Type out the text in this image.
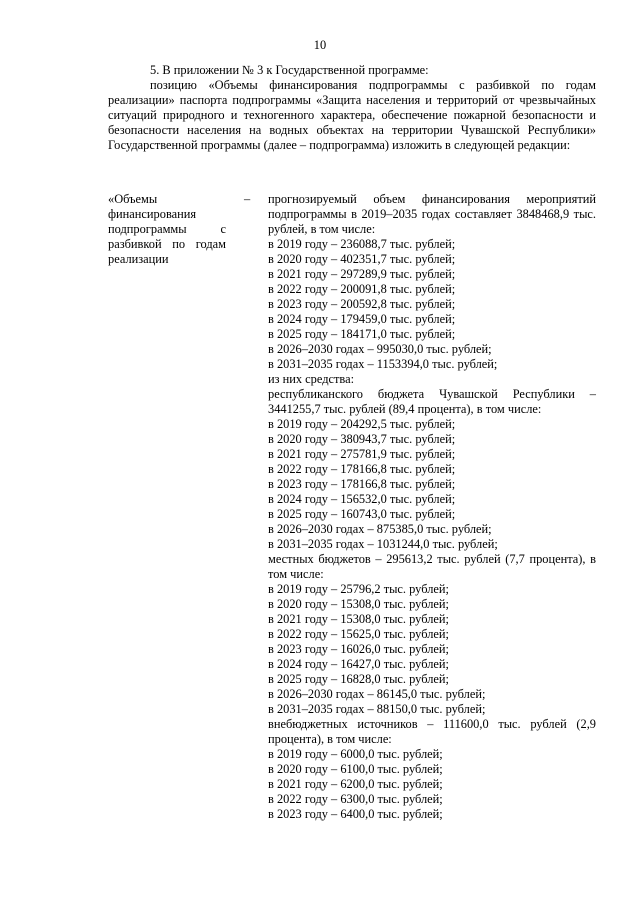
10
5. В приложении № 3 к Государственной программе:
позицию «Объемы финансирования подпрограммы с разбивкой по годам реализации» паспорта подпрограммы «Защита населения и территорий от чрезвычайных ситуаций природного и техногенного характера, обеспечение пожарной безопасности и безопасности населения на водных объектах на территории Чувашской Республики» Государственной программы (далее – подпрограмма) изложить в следующей редакции:
«Объемы финансирования подпрограммы с разбивкой по годам реализации
– прогнозируемый объем финансирования мероприятий подпрограммы в 2019–2035 годах составляет 3848468,9 тыс. рублей, в том числе:
в 2019 году – 236088,7 тыс. рублей;
в 2020 году – 402351,7 тыс. рублей;
в 2021 году – 297289,9 тыс. рублей;
в 2022 году – 200091,8 тыс. рублей;
в 2023 году – 200592,8 тыс. рублей;
в 2024 году – 179459,0 тыс. рублей;
в 2025 году – 184171,0 тыс. рублей;
в 2026–2030 годах – 995030,0 тыс. рублей;
в 2031–2035 годах – 1153394,0 тыс. рублей;
из них средства:
республиканского бюджета Чувашской Республики – 3441255,7 тыс. рублей (89,4 процента), в том числе:
в 2019 году – 204292,5 тыс. рублей;
в 2020 году – 380943,7 тыс. рублей;
в 2021 году – 275781,9 тыс. рублей;
в 2022 году – 178166,8 тыс. рублей;
в 2023 году – 178166,8 тыс. рублей;
в 2024 году – 156532,0 тыс. рублей;
в 2025 году – 160743,0 тыс. рублей;
в 2026–2030 годах – 875385,0 тыс. рублей;
в 2031–2035 годах – 1031244,0 тыс. рублей;
местных бюджетов – 295613,2 тыс. рублей (7,7 процента), в том числе:
в 2019 году – 25796,2 тыс. рублей;
в 2020 году – 15308,0 тыс. рублей;
в 2021 году – 15308,0 тыс. рублей;
в 2022 году – 15625,0 тыс. рублей;
в 2023 году – 16026,0 тыс. рублей;
в 2024 году – 16427,0 тыс. рублей;
в 2025 году – 16828,0 тыс. рублей;
в 2026–2030 годах – 86145,0 тыс. рублей;
в 2031–2035 годах – 88150,0 тыс. рублей;
внебюджетных источников – 111600,0 тыс. рублей (2,9 процента), в том числе:
в 2019 году – 6000,0 тыс. рублей;
в 2020 году – 6100,0 тыс. рублей;
в 2021 году – 6200,0 тыс. рублей;
в 2022 году – 6300,0 тыс. рублей;
в 2023 году – 6400,0 тыс. рублей;
